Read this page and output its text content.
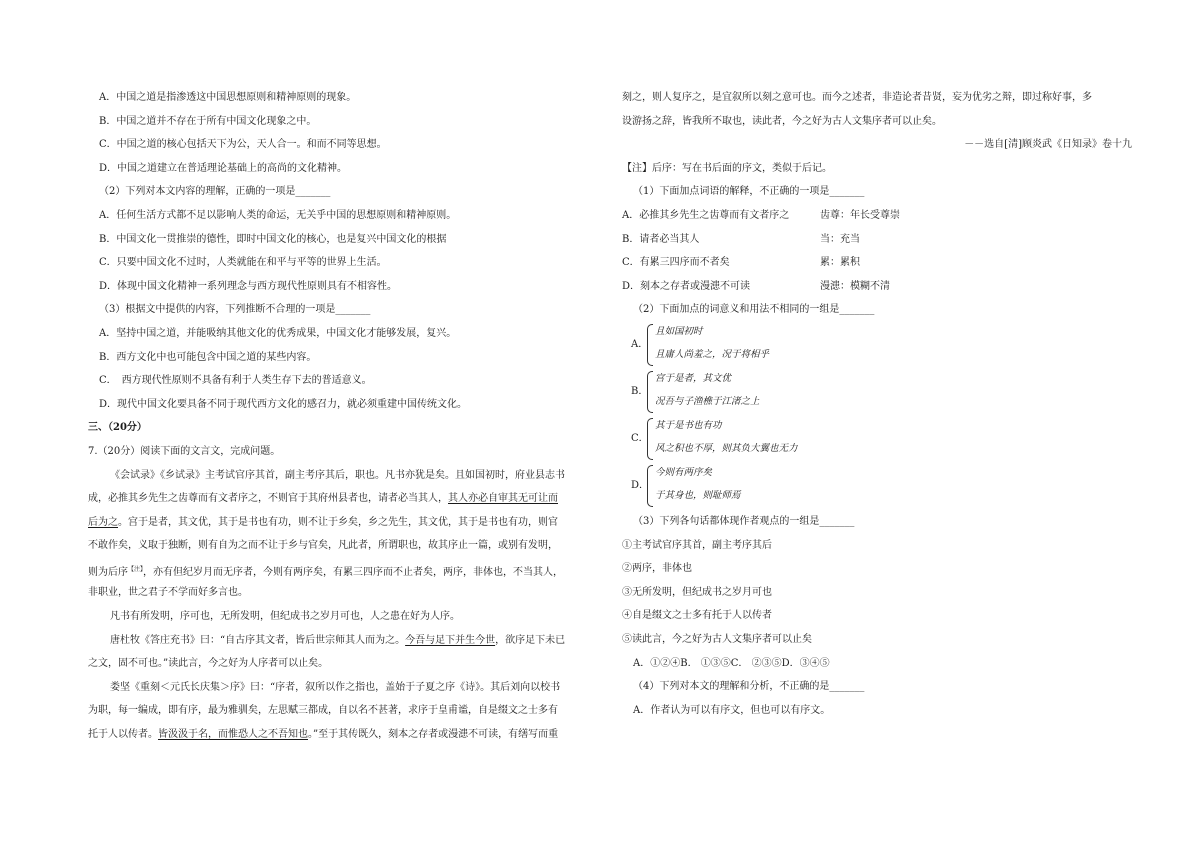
A．中国之道是指渗透这中国思想原则和精神原则的现象。

B．中国之道并不存在于所有中国文化现象之中。

C．中国之道的核心包括天下为公，天人合一。和而不同等思想。

D．中国之道建立在普适理论基础上的高尚的文化精神。

（2）下列对本文内容的理解，正确的一项是_______

A．任何生活方式都不足以影响人类的命运，无关乎中国的思想原则和精神原则。

B．中国文化一贯推崇的德性，即时中国文化的核心，也是复兴中国文化的根据

C．只要中国文化不过时，人类就能在和平与平等的世界上生活。

D．体现中国文化精神一系列理念与西方现代性原则具有不相容性。

（3）根据文中提供的内容，下列推断不合理的一项是_______

A．坚持中国之道，并能吸纳其他文化的优秀成果，中国文化才能够发展，复兴。

B．西方文化中也可能包含中国之道的某些内容。

C．　西方现代性原则不具备有利于人类生存下去的普适意义。

D．现代中国文化要具备不同于现代西方文化的感召力，就必须重建中国传统文化。

三、（20分）

7.（20分）阅读下面的文言文，完成问题。

《会试录》《乡试录》主考试官序其首，副主考序其后，职也。凡书亦犹是矣。且如国初时，府业县志书

成，必推其乡先生之齿尊而有文者序之，不则官于其府州县者也，请者必当其人，其人亦必自审其无可让而

后为之。宫于是者，其文优，其于是书也有功，则不让于乡矣，乡之先生，其文优，其于是书也有功，则官

不敢作矣，义取于独断，则有自为之而不让于乡与官矣，凡此者，所谓职也，故其序止一篇，或别有发明，

则为后序$^{【注】}$，亦有但纪岁月而无序者，今则有两序矣，有累三四序而不止者矣，两序，非体也，不当其人，

非职业，世之君子不学而好多言也。

凡书有所发明，序可也，无所发明，但纪成书之岁月可也，人之患在好为人序。

唐杜牧《答庄充书》曰：“自古序其文者，皆后世宗师其人而为之。今吾与足下并生今世，欲序足下未已

之文，固不可也。”读此言，今之好为人序者可以止矣。

娄坚《重刻＜元氏长庆集＞序》曰：“序者，叙所以作之指也，盖始于子夏之序《诗》。其后刘向以校书

为职，每一编成，即有序，最为雅驯矣，左思赋三都成，自以名不甚著，求序于皇甫谧，自是缀文之士多有

托于人以传者。皆汲汲于名，而惟恐人之不吾知也。”至于其传既久，刻本之存者或漫漶不可读，有缮写而重

刻之，则人复序之，是宜叙所以刻之意可也。而今之述者，非造论者昔贤，妄为优劣之辩，即过称好事，多

设游扬之辞，皆我所不取也，读此者，今之好为古人文集序者可以止矣。

－－选自[清]顾炎武《日知录》卷十九

【注】后序：写在书后面的序文，类似于后记。

（1）下面加点词语的解释，不正确的一项是_______

A．必推其乡先生之齿尊而有文者序之	齿尊：年长受尊崇
B．请者必当其人	当：充当
C．有累三四序而不者矣	累：累积
D．刻本之存者或漫漶不可读	漫漶：模糊不清

（2）下面加点的词意义和用法不相同的一组是_______

A．
且如国初时
且庸人尚羞之，况于将相乎
B．
宫于是者，其文优
况吾与子渔樵于江渚之上
C．
其于是书也有功
风之积也不厚，则其负大翼也无力
D．
今则有两序矣
于其身也，则耻师焉

（3）下列各句话都体现作者观点的一组是_______

①主考试官序其首，副主考序其后

②两序，非体也

③无所发明，但纪成书之岁月可也

④自是缀文之士多有托于人以传者

⑤读此言，今之好为古人文集序者可以止矣

A．①②④B． ①③⑤C． ②③⑤D．③④⑤

（4）下列对本文的理解和分析，不正确的是_______

A．作者认为可以有序文，但也可以有序文。
